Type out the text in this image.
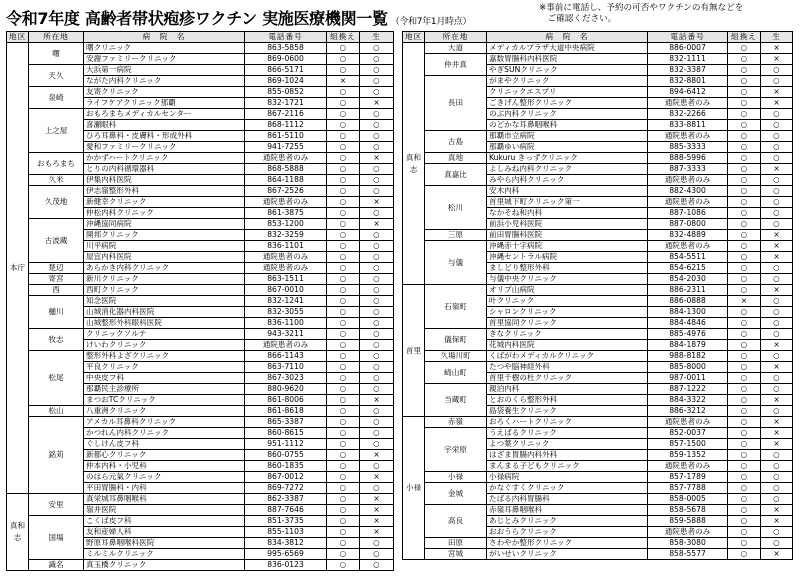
令和7年度 高齢者帯状疱疹ワクチン 実施医療機関一覧 （令和7年1月時点）
※事前に電話し、予約の可否やワクチンの有無などを
　ご確認ください。
地区	所在地	病　院　名	電話番号	組換え	生
本庁	曙	曙クリニック	863-5858	○	○
		安謝ファミリークリニック	869-0600	○	○
	天久	大浜第一病院	866-5171	○	○
		ながた内科クリニック	869-1024	×	○
	泉崎	友寄クリニック	855-0852	○	○
		ライフケアクリニック那覇	832-1721	○	×
	上之屋	おもろまちメディカルセンター	867-2116	○	○
		喜瀬眼科	868-1112	○	○
		ひろ耳鼻科・皮膚科・形成外科	861-5110	○	○
		愛和ファミリークリニック	941-7255	○	○
	おもろまち	かかずハートクリニック	通院患者のみ	○	×
		とりの内科循環器科	868-5888	○	○
	久米	伊集内科医院	864-1188	○	○
	久茂地	伊志嶺整形外科	867-2526	○	○
		新健幸クリニック	通院患者のみ	○	×
		仲松内科クリニック	861-3875	○	○
	古波蔵	沖縄協同病院	853-1200	○	×
		開邦クリニック	832-3259	○	○
		川平病院	836-1101	○	○
		屋宜内科医院	通院患者のみ	○	○
	楚辺	あらかき内科クリニック	通院患者のみ	○	○
	寄宮	新川クリニック	863-1511	○	○
	西	西町クリニック	867-0010	○	○
	樋川	知念医院	832-1241	○	○
		山城消化器内科医院	832-3055	○	○
		山城整形外科眼科医院	836-1100	○	○
	牧志	クリニックソルテ	943-3211	○	○
		けいわクリニック	通院患者のみ	○	○
	松尾	整形外科よざクリニック	866-1143	○	○
		平良クリニック	863-7110	○	○
		中央皮フ科	867-3023	○	○
		那覇民主診療所	880-9620	○	○
		まつおTCクリニック	861-8006	○	×
	松山	八重洲クリニック	861-8618	○	○
	銘苅	アメカル耳鼻科クリニック	865-3387	○	○
		かつれん内科クリニック	860-8615	○	○
		ぐしけん皮フ科	951-1112	○	○
		新都心クリニック	860-0755	○	×
		仲本内科・小児科	860-1835	○	○
		のはら元氣クリニック	867-0012	○	×
		平田胃腸科・内科	869-7272	○	○
真和志	安里	真栄城耳鼻咽喉科	862-3387	○	×
		嶺井医院	887-7646	○	×
	国場	こくば皮フ科	851-3735	○	×
		友和産婦人科	855-1103	○	×
		野原耳鼻咽喉科医院	834-3812	○	○
		ミルミルクリニック	995-6569	○	○
	識名	真玉橋クリニック	836-0123	○	○
地区	所在地	病　院　名	電話番号	組換え	生
真和志	大道	メディカルプラザ大道中央病院	886-0007	○	×
	仲井真	嘉数胃腸科内科医院	832-1111	○	×
		やぎSUNクリニック	832-3387	○	○
	長田	がまやクリニック	832-8801	○	○
		クリニックエスプリ	894-6412	○	×
		ごきげん整形クリニック	通院患者のみ	○	×
		のぶ内科クリニック	832-2266	○	○
		のどかな耳鼻咽喉科	833-8811	○	○
	古島	那覇市立病院	通院患者のみ	○	○
		那覇ゆい病院	885-3333	○	○
	真地	Kukuru きっずクリニック	888-5996	○	○
	真嘉比	よしみね内科クリニック	887-3333	○	×
		みやら内科クリニック	通院患者のみ	○	○
	松川	安木内科	882-4300	○	○
		首里城下町クリニック第一	通院患者のみ	○	○
		なかそね和内科	887-1086	○	○
		前浜小児科医院	887-0800	○	○
	三原	前田胃腸科医院	832-4889	○	×
	与儀	沖縄赤十字病院	通院患者のみ	○	×
		沖縄セントラル病院	854-5511	○	×
		ましどり整形外科	854-6215	○	○
		与儀中央クリニック	854-2030	○	○
首里	石嶺町	オリブ山病院	886-2311	○	×
		叶クリニック	886-0888	×	○
		シャロンクリニック	884-1300	○	○
		首里協同クリニック	884-4846	○	○
	儀保町	きなクリニック	885-4976	○	○
		花城内科医院	884-1879	○	×
	久場川町	くばがわメディカルクリニック	988-8182	○	○
	崎山町	たつや脳神経外科	885-8000	○	×
		首里千樹の杜クリニック	987-0011	○	○
	当蔵町	親泊内科	887-1222	○	○
		とおのくら整形外科	884-3322	○	×
		島袋養生クリニック	886-3212	○	○
小禄	赤嶺	おろくハートクリニック	通院患者のみ	○	×
	宇栄原	うえばるクリニック	852-0037	○	×
		よつ葉クリニック	857-1500	○	×
		はざま胃腸内科外科	859-1352	○	○
		まんまる子どもクリニック	通院患者のみ	○	○
	小禄	小禄病院	857-1789	○	○
	金城	かなぐすくクリニック	857-7788	○	○
		たばる内科胃腸科	858-0005	○	○
	高良	赤嶺耳鼻咽喉科	858-5678	○	×
		あじとみクリニック	859-5888	○	×
		おおうらクリニック	通院患者のみ	○	○
	田原	さわやか整形クリニック	858-3080	○	○
	宮城	がいせいクリニック	858-5577	○	×
